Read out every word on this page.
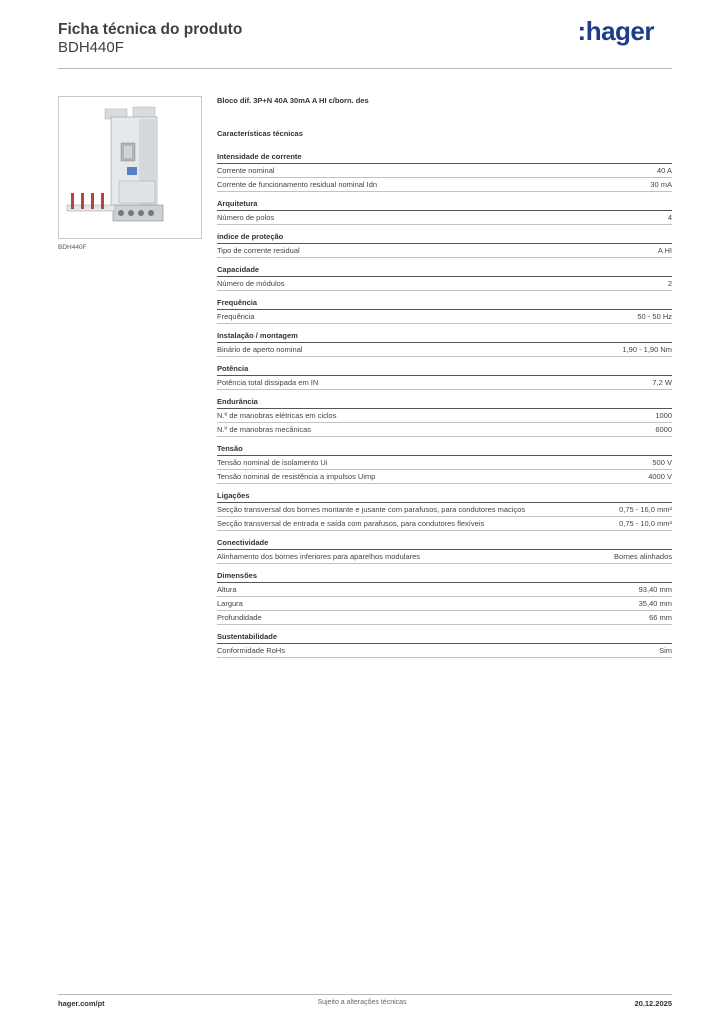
Ficha técnica do produto
BDH440F
:hager
BDH440F
Bloco dif. 3P+N 40A 30mA A HI c/born. des
Características técnicas
Intensidade de corrente
Corrente nominal	40 A
Corrente de funcionamento residual nominal Idn	30 mA
Arquitetura
Número de polos	4
índice de proteção
Tipo de corrente residual	A HI
Capacidade
Número de módulos	2
Frequência
Frequência	50 - 50 Hz
Instalação / montagem
Binário de aperto nominal	1,90 - 1,90 Nm
Potência
Potência total dissipada em IN	7,2 W
Endurância
N.º de manobras elétricas em ciclos	1000
N.º de manobras mecânicas	6000
Tensão
Tensão nominal de isolamento Ui	500 V
Tensão nominal de resistência a impulsos Uimp	4000 V
Ligações
Secção transversal dos bornes montante e jusante com parafusos, para condutores maciços	0,75 - 16,0 mm²
Secção transversal de entrada e saída com parafusos, para condutores flexíveis	0,75 - 10,0 mm²
Conectividade
Alinhamento dos bornes inferiores para aparelhos modulares	Bornes alinhados
Dimensões
Altura	93,40 mm
Largura	35,40 mm
Profundidade	66 mm
Sustentabilidade
Conformidade RoHs	Sim
hager.com/pt	Sujeito a alterações técnicas	20.12.2025
